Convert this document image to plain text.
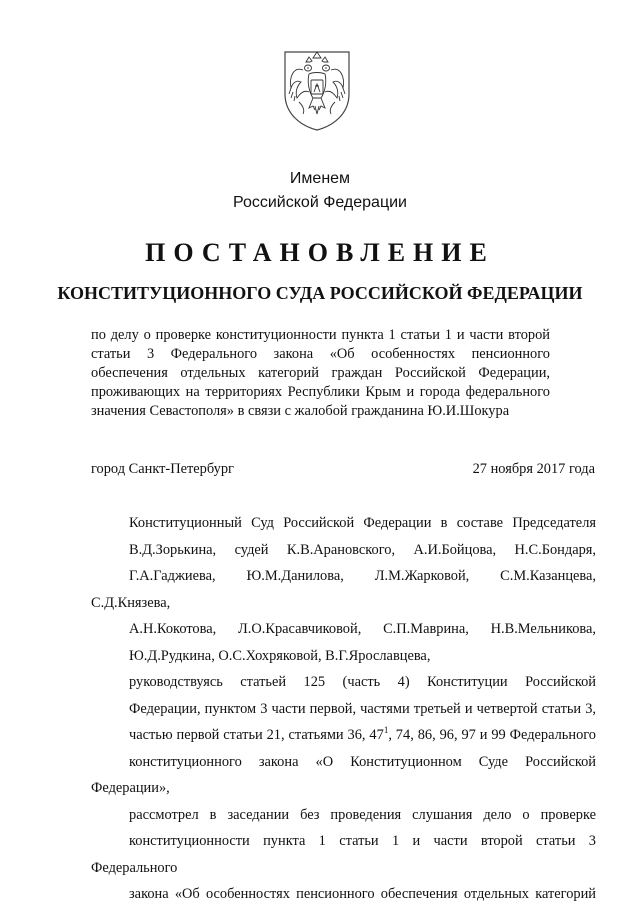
Именем
Российской Федерации
ПОСТАНОВЛЕНИЕ
КОНСТИТУЦИОННОГО СУДА РОССИЙСКОЙ ФЕДЕРАЦИИ
по делу о проверке конституционности пункта 1 статьи 1 и части второй статьи 3 Федерального закона «Об особенностях пенсионного обеспечения отдельных категорий граждан Российской Федерации, проживающих на территориях Республики Крым и города федерального значения Севастополя» в связи с жалобой гражданина Ю.И.Шокура
город Санкт-Петербург	27 ноября 2017 года

Конституционный Суд Российской Федерации в составе Председателя

В.Д.Зорькина, судей К.В.Арановского, А.И.Бойцова, Н.С.Бондаря,

Г.А.Гаджиева, Ю.М.Данилова, Л.М.Жарковой, С.М.Казанцева, С.Д.Князева,

А.Н.Кокотова, Л.О.Красавчиковой, С.П.Маврина, Н.В.Мельникова,

Ю.Д.Рудкина, О.С.Хохряковой, В.Г.Ярославцева,

руководствуясь статьей 125 (часть 4) Конституции Российской

Федерации, пунктом 3 части первой, частями третьей и четвертой статьи 3,

частью первой статьи 21, статьями 36, $47^1$, 74, 86, 96, 97 и 99 Федерального

конституционного закона «О Конституционном Суде Российской Федерации»,

рассмотрел в заседании без проведения слушания дело о проверке

конституционности пункта 1 статьи 1 и части второй статьи 3 Федерального

закона «Об особенностях пенсионного обеспечения отдельных категорий
